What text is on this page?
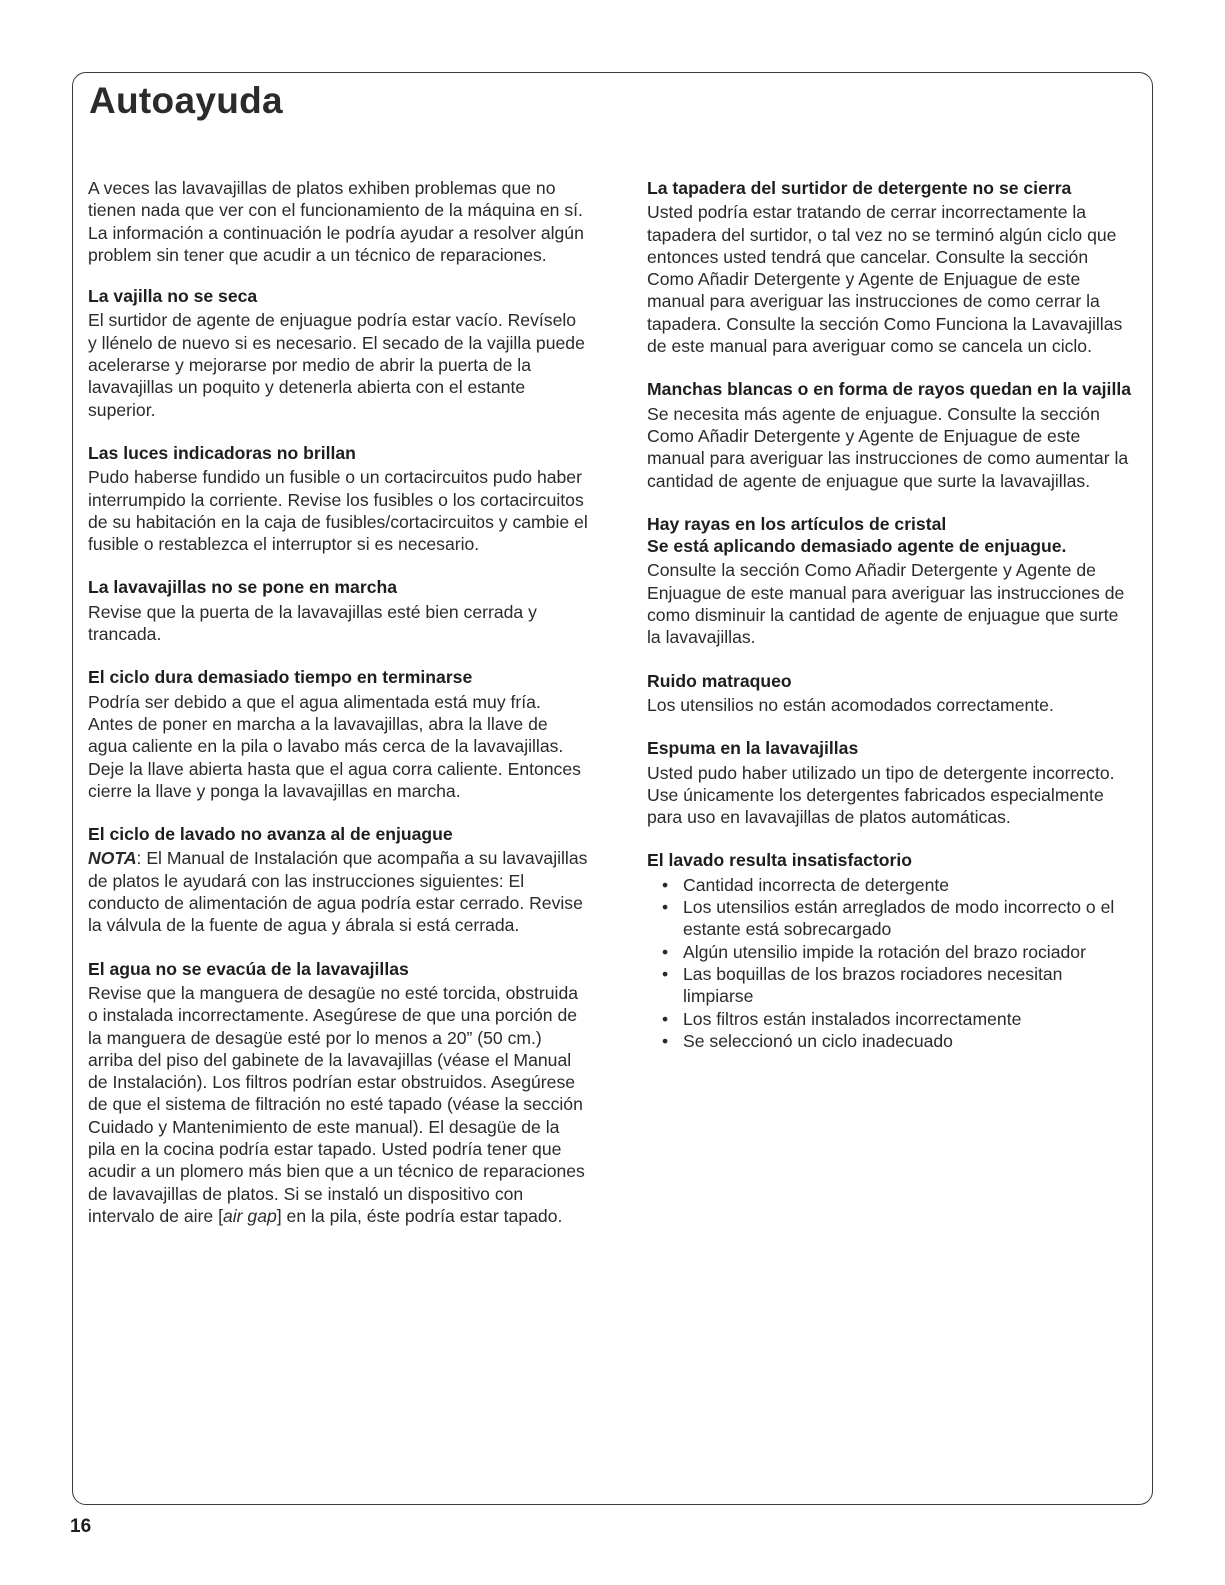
Autoayuda
A veces las lavavajillas de platos exhiben problemas que no tienen nada que ver con el funcionamiento de la máquina en sí. La información a continuación le podría ayudar a resolver algún problem sin tener que acudir a un técnico de reparaciones.
La vajilla no se seca
El surtidor de agente de enjuague podría estar vacío. Revíselo y llénelo de nuevo si es necesario. El secado de la vajilla puede acelerarse y mejorarse por medio de abrir la puerta de la lavavajillas un poquito y detenerla abierta con el estante superior.
Las luces indicadoras no brillan
Pudo haberse fundido un fusible o un cortacircuitos pudo haber interrumpido la corriente. Revise los fusibles o los cortacircuitos de su habitación en la caja de fusibles/cortacircuitos y cambie el fusible o restablezca el interruptor si es necesario.
La lavavajillas no se pone en marcha
Revise que la puerta de la lavavajillas esté bien cerrada y trancada.
El ciclo dura demasiado tiempo en terminarse
Podría ser debido a que el agua alimentada está muy fría. Antes de poner en marcha a la lavavajillas, abra la llave de agua caliente en la pila o lavabo más cerca de la lavavajillas. Deje la llave abierta hasta que el agua corra caliente. Entonces cierre la llave y ponga la lavavajillas en marcha.
El ciclo de lavado no avanza al de enjuague
NOTA: El Manual de Instalación que acompaña a su lavavajillas de platos le ayudará con las instrucciones siguientes: El conducto de alimentación de agua podría estar cerrado. Revise la válvula de la fuente de agua y ábrala si está cerrada.
El agua no se evacúa de la lavavajillas
Revise que la manguera de desagüe no esté torcida, obstruida o instalada incorrectamente. Asegúrese de que una porción de la manguera de desagüe esté por lo menos a 20” (50 cm.) arriba del piso del gabinete de la lavavajillas (véase el Manual de Instalación). Los filtros podrían estar obstruidos. Asegúrese de que el sistema de filtración no esté tapado (véase la sección Cuidado y Mantenimiento de este manual). El desagüe de la pila en la cocina podría estar tapado. Usted podría tener que acudir a un plomero más bien que a un técnico de reparaciones de lavavajillas de platos. Si se instaló un dispositivo con intervalo de aire [air gap] en la pila, éste podría estar tapado.
La tapadera del surtidor de detergente no se cierra
Usted podría estar tratando de cerrar incorrectamente la tapadera del surtidor, o tal vez no se terminó algún ciclo que entonces usted tendrá que cancelar. Consulte la sección Como Añadir Detergente y Agente de Enjuague de este manual para averiguar las instrucciones de como cerrar la tapadera. Consulte la sección Como Funciona la Lavavajillas de este manual para averiguar como se cancela un ciclo.
Manchas blancas o en forma de rayos quedan en la vajilla
Se necesita más agente de enjuague. Consulte la sección Como Añadir Detergente y Agente de Enjuague de este manual para averiguar las instrucciones de como aumentar la cantidad de agente de enjuague que surte la lavavajillas.
Hay rayas en los artículos de cristal
Se está aplicando demasiado agente de enjuague.
Consulte la sección Como Añadir Detergente y Agente de Enjuague de este manual para averiguar las instrucciones de como disminuir la cantidad de agente de enjuague que surte la lavavajillas.
Ruido matraqueo
Los utensilios no están acomodados correctamente.
Espuma en la lavavajillas
Usted pudo haber utilizado un tipo de detergente incorrecto. Use únicamente los detergentes fabricados especialmente para uso en lavavajillas de platos automáticas.
El lavado resulta insatisfactorio
• Cantidad incorrecta de detergente
• Los utensilios están arreglados de modo incorrecto o el estante está sobrecargado
• Algún utensilio impide la rotación del brazo rociador
• Las boquillas de los brazos rociadores necesitan limpiarse
• Los filtros están instalados incorrectamente
• Se seleccionó un ciclo inadecuado
16
